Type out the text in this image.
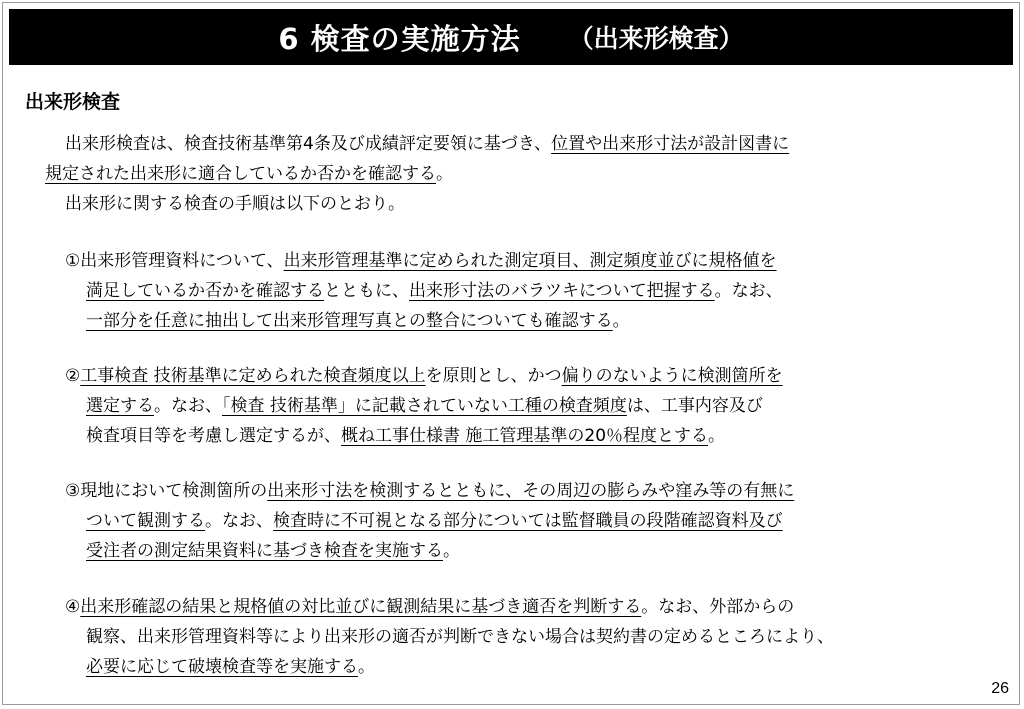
6 検査の実施方法 （出来形検査）
出来形検査
出来形検査は、検査技術基準第4条及び成績評定要領に基づき、位置や出来形寸法が設計図書に
規定された出来形に適合しているか否かを確認する。
出来形に関する検査の手順は以下のとおり。
①出来形管理資料について、出来形管理基準に定められた測定項目、測定頻度並びに規格値を
満足しているか否かを確認するとともに、出来形寸法のバラツキについて把握する。なお、
一部分を任意に抽出して出来形管理写真との整合についても確認する。
②工事検査 技術基準に定められた検査頻度以上を原則とし、かつ偏りのないように検測箇所を
選定する。なお、「検査 技術基準」に記載されていない工種の検査頻度は、工事内容及び
検査項目等を考慮し選定するが、概ね工事仕様書 施工管理基準の20％程度とする。
③現地において検測箇所の出来形寸法を検測するとともに、その周辺の膨らみや窪み等の有無に
ついて観測する。なお、検査時に不可視となる部分については監督職員の段階確認資料及び
受注者の測定結果資料に基づき検査を実施する。
④出来形確認の結果と規格値の対比並びに観測結果に基づき適否を判断する。なお、外部からの
観察、出来形管理資料等により出来形の適否が判断できない場合は契約書の定めるところにより、
必要に応じて破壊検査等を実施する。
26
